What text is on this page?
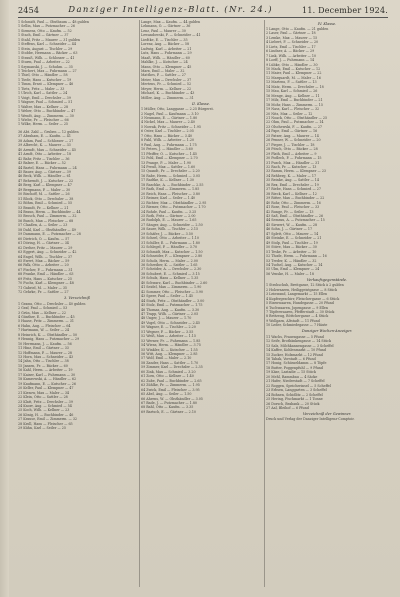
2454	Danziger Intelligenz-Blatt. (Nr. 24.)	11. December 1924.
1 Schmidt, Paul — Obstbaum — 48 gulden
1 Sellin, Max — Putzmacher — 26
1 Siemens, Otto — Kaufm. — 52
1 Stach, Emil — Gärtner — 37
1 Stahl, Fritz — Maurer — 31 gulden
1 Steffens, Karl — Schneider — 44
1 Stein, August — Tischler — 29
1 Stobbe, Hermann — Bäcker — 63
1 Strauß, Wilh. — Schlosser — 41
1 Sturm, Paul — Arbeiter — 22
1 Szymanski, J. — Schuhm. — 35
1 Teichert, Max — Fuhrmann — 27
1 Thiel, Otto — Händler — 58
1 Tiede, Hans — Kutscher — 19
1 Timm, Ernst — Klempner — 46
1 Tietz, Fritz — Maler — 33
1 Ulrich, Karl — Sattler — 24
1 Voigt, Emil — Drechsler — 39
1 Wagner, Paul — Schmied — 51
1 Walter, Max — Kellner — 28
1 Weber, Otto — Buchbinder — 47
1 Wendt, Aug. — Zimmerm. — 30
1 Wiebe, Fr. — Fleischer — 66
1 Wilke, Herm. — Seiler — 25
36 Abt. Zahl — Gruben — 12 gulden
37 Abraham, E. — Kaufm. — 41
38 Adam, Paul — Schlosser — 27
39 Albrecht, K. — Maurer — 33
40 Arendt, Max — Schneider — 45
41 Arndt, Otto — Arbeiter — 18
42 Bahr, Fritz — Tischler — 36
43 Balzer, E. — Bäcker — 52
44 Bartel, Hans — Fuhrmann — 24
45 Bauer, Aug. — Gärtner — 39
46 Beck, Wilh. — Händler — 61
47 Behrendt, J. — Kutscher — 22
48 Berg, Karl — Klempner — 47
49 Bergmann, P. — Maler — 30
50 Bischoff, M. — Sattler — 26
51 Block, Otto — Drechsler — 38
52 Böhm, Emil — Schmied — 55
53 Brandt, Fr. — Kellner — 21
54 Braun, Herm. — Buchbinder — 44
55 Brosch, Paul — Zimmerm. — 32
56 Busch, Max — Fleischer — 68
57 Claaßen, A. — Seiler — 23
58 Dahl, Karl — Obsthändler — 49
59 Dammann, E. — Putzmacher — 28
60 Dietrich, O. — Kaufm. — 57
61 Döring, H. — Gärtner — 34
62 Dreher, Fritz — Maurer — 29
63 Eggert, Aug. — Schneider — 42
64 Engel, Wilh. — Tischler — 37
65 Ewert, Max — Bäcker — 59
66 Falk, Otto — Arbeiter — 20
67 Fischer, P. — Fuhrmann — 31
68 Franke, Emil — Händler — 63
69 Fritz, Hans — Kutscher — 25
70 Fuchs, Karl — Klempner — 48
71 Gabriel, M. — Maler — 35
72 Gehrke, Fr. — Sattler — 27
3. Verzeichniß
1 Grams, Otto — Drechsler — 40 gulden
2 Graf, Paul — Schmied — 53
3 Grün, Max — Kellner — 22
4 Günther, E. — Buchbinder — 45
5 Haase, Fritz — Zimmerm. — 31
6 Hahn, Aug. — Fleischer — 64
7 Hartmann, W. — Seiler — 24
8 Heinrich, K. — Obsthändler — 50
9 Hennig, Hans — Putzmacher — 29
10 Herrmann, J. — Kaufm. — 56
11 Hinz, Emil — Gärtner — 33
12 Hoffmann, P. — Maurer — 28
13 Horn, Max — Schneider — 43
14 Jahn, Otto — Tischler — 38
15 Jansen, Fr. — Bäcker — 60
16 Kahl, Herm. — Arbeiter — 19
17 Kaiser, Karl — Fuhrmann — 30
18 Kamrowski, A. — Händler — 62
19 Kaufmann, E. — Kutscher — 26
20 Keller, Paul — Klempner — 47
21 Kiesow, Max — Maler — 34
22 Klein, Otto — Sattler — 28
23 Klatt, Fritz — Drechsler — 39
24 Knorr, Aug. — Schmied — 54
25 Koch, Wilh. — Kellner — 23
26 König, H. — Buchbinder — 46
27 Krause, Emil — Zimmerm. — 32
28 Kroll, Hans — Fleischer — 65
29 Kühn, Karl — Seiler — 25
Lange, Max — Kaufm. — 44 gulden
Lehmann, O. — Gärtner — 36
Lenz, Paul — Maurer — 30
Lewandowski, F. — Schneider — 41
Liedtke, E. — Tischler — 35
Lorenz, Aug. — Bäcker — 58
Ludwig, Karl — Arbeiter — 21
Lutz, Hans — Fuhrmann — 29
Maaß, Wilh. — Händler — 60
Mahlke, J. — Kutscher — 24
Mann, Otto — Klempner — 45
Marx, Emil — Maler — 32
Matthes, P. — Sattler — 27
Meier, Max — Drechsler — 37
Mertens, Fr. — Schmied — 52
Meyer, Herm. — Kellner — 22
Michael, K. — Buchbinder — 43
Möller, Aug. — Zimmerm. — 31
II. Klasse.
1 Müller, Otto, Langgasse — 2.25 Bürgerst.
2 Nagel, Paul — Kaufmann — 3.10
3 Neumann, E. — Gärtner — 1.80
4 Nickel, Max — Maurer — 2.40
5 Nowak, Fritz — Schneider — 1.95
6 Oster, Karl — Tischler — 2.05
7 Otto, Hans — Bäcker — 3.40
8 Pahl, Wilh. — Arbeiter — 1.20
9 Paul, Aug. — Fuhrmann — 1.75
10 Peters, J. — Händler — 3.60
11 Pfeiffer, O. — Kutscher — 1.45
12 Pohl, Emil — Klempner — 2.70
13 Prange, P. — Maler — 1.90
14 Preuß, Max — Sattler — 1.60
15 Quandt, Fr. — Drechsler — 2.20
16 Rabe, Herm. — Schmied — 3.05
17 Radtke, K. — Kellner — 1.30
18 Raschke, A. — Buchbinder — 2.55
19 Rath, Emil — Zimmerm. — 1.85
20 Reich, Hans — Fleischer — 3.80
21 Reimer, Karl — Seiler — 1.40
22 Richter, Max — Obsthändler — 2.95
23 Riemer, Otto — Putzmacher — 1.70
24 Rohde, Paul — Kaufm. — 3.25
25 Roth, Fritz — Gärtner — 2.00
26 Rudolph, E. — Maurer — 1.65
27 Sänger, Aug. — Schneider — 2.50
28 Sauer, Wilh. — Tischler — 2.15
29 Schäfer, J. — Bäcker — 3.50
30 Scheel, Otto — Arbeiter — 1.10
31 Schiller, E. — Fuhrmann — 1.80
32 Schlegel, P. — Händler — 3.70
33 Schmidt, Max — Kutscher — 1.50
34 Schneider, F. — Klempner — 2.80
35 Scholz, Herm. — Maler — 2.00
36 Schreiber, K. — Sattler — 1.65
37 Schröder, A. — Drechsler — 2.30
38 Schubert, E. — Schmied — 3.15
39 Schulz, Hans — Kellner — 1.35
40 Schwarz, Karl — Buchbinder — 2.60
41 Seidel, Max — Zimmerm. — 1.90
42 Sommer, Otto — Fleischer — 3.90
43 Speer, Paul — Seiler — 1.45
44 Stark, Fritz — Obsthändler — 3.00
45 Stolz, Emil — Putzmacher — 1.75
46 Thomas, Aug. — Kaufm. — 3.30
47 Trapp, Wilh. — Gärtner — 2.05
48 Unger, J. — Maurer — 1.70
49 Vogel, Otto — Schneider — 2.45
50 Wagner, E. — Tischler — 2.20
51 Wegner, P. — Bäcker — 3.55
52 Weiß, Max — Arbeiter — 1.15
53 Werner, Fr. — Fuhrmann — 1.85
54 Wiens, Herm. — Händler — 3.75
55 Winkler, K. — Kutscher — 1.55
56 Witt, Aug. — Klempner — 2.85
57 Wolf, Emil — Maler — 2.10
58 Zander, Hans — Sattler — 1.70
59 Zimmer, Karl — Drechsler — 2.35
60 Zink, Max — Schmied — 3.20
61 Zorn, Otto — Kellner — 1.40
62 Zube, Paul — Buchbinder — 2.65
63 Zühlke, Fr. — Zimmerm. — 1.95
64 Zwick, Emil — Fleischer — 3.95
65 Abel, Aug. — Seiler — 1.50
66 Ahrens, W. — Obsthändler — 3.05
67 Bade, J. — Putzmacher — 1.80
68 Bahl, Otto — Kaufm. — 3.35
69 Bartsch, E. — Gärtner — 2.10
IV. Klasse.
1 Lange, Otto — Kaufm. — 21 gulden
2 Laser, Paul — Gärtner — 18
3 Lemke, Max — Maurer — 15
4 Liebert, F. — Schneider — 20
5 Lietz, Emil — Tischler — 17
6 Lindner, A. — Bäcker — 29
7 Link, Wilh. — Arbeiter — 10
8 Loeff, J. — Fuhrmann — 14
9 Lübke, Otto — Händler — 30
10 Mack, Emil — Kutscher — 12
11 Maier, Paul — Klempner — 22
12 Marquardt, M. — Maler — 16
13 Martens, F. — Sattler — 13
14 Matz, Herm. — Drechsler — 18
15 Mau, Karl — Schmied — 26
16 Menge, Aug. — Kellner — 11
17 Milz, Emil — Buchbinder — 21
18 Mohr, Hans — Zimmerm. — 15
19 Nass, Karl — Fleischer — 32
20 Nitz, Max — Seiler — 12
21 Noack, Otto — Obsthändler — 25
22 Ohm, Paul — Putzmacher — 14
23 Olschewski, F. — Kaufm. — 27
24 Pape, Emil — Gärtner — 16
25 Patzer, Aug. — Maurer — 14
26 Penner, W. — Schneider — 20
27 Pieper, J. — Tischler — 18
28 Pitsch, Otto — Bäcker — 28
29 Plath, Emil — Arbeiter — 9
30 Podlech, P. — Fuhrmann — 15
31 Pusch, Max — Händler — 31
32 Rach, Fr. — Kutscher — 13
33 Ramm, Herm. — Klempner — 23
34 Rehberg, K. — Maler — 17
35 Reinke, Aug. — Sattler — 14
36 Rex, Emil — Drechsler — 19
37 Riebe, Hans — Schmied — 27
38 Rieck, Karl — Kellner — 12
39 Ritter, Max — Buchbinder — 22
40 Rohr, Otto — Zimmerm. — 16
41 Rose, Paul — Fleischer — 33
42 Runge, Fr. — Seiler — 13
43 Saß, Emil — Obsthändler — 26
44 Semrau, A. — Putzmacher — 15
45 Siewert, W. — Kaufm. — 28
46 Sohn, J. — Gärtner — 17
47 Splett, Otto — Maurer — 14
48 Steinke, E. — Schneider — 21
49 Stolp, Paul — Tischler — 19
50 Stüve, Max — Bäcker — 30
51 Teske, Fr. — Arbeiter — 10
52 Thode, Herm. — Fuhrmann — 16
53 Treder, K. — Händler — 32
54 Tuchel, Aug. — Kutscher — 14
55 Ulm, Emil — Klempner — 24
56 Venske, H. — Maler — 18
Verkaufsgegenstände.
1 Strohschuh, Breitgasse, 12 Stück à 2 gulden
2 Holzwaaren, Heiliggeistgasse — 8 Stück
3 Leinwand, Langemarkt — 15 Ellen
4 Kupfergeschirr, Fleischergasse — 6 Stück
5 Eisenwaaren, Hundegasse — 20 Pfund
6 Tuchwaaren, Jopengasse — 9 Ellen
7 Töpferwaaren, Pfefferstadt — 30 Stück
8 Bettzeug, Böttchergasse — 4 Stück
9 Wollgarn, Altstadt — 11 Pfund
10 Leder, Schmiedegasse — 7 Häute
Danziger Wochen-Anzeiger.
11 Wachs, Frauengasse — 5 Pfund
12 Seife, Brotbänkengasse — 14 Stück
13 Salz, Milchkannengasse — 3 Scheffel
14 Kaffee, Kohlenmarkt — 10 Pfund
15 Zucker, Holzmarkt — 12 Pfund
16 Tabak, Vorstadt — 6 Pfund
17 Honig, Schüsseldamm — 8 Töpfe
18 Butter, Poggenpfuhl — 9 Pfund
19 Käse, Lastadie — 15 Stück
20 Mehl, Rammbau — 4 Säcke
21 Hafer, Niederstadt — 7 Scheffel
22 Roggen, Speicherinsel — 5 Scheffel
23 Erbsen, Langgarten — 3 Scheffel
24 Bohnen, Schidlitz — 2 Scheffel
25 Hering, Fischmarkt — 1 Tonne
26 Dorsch, Brabank — 20 Stück
27 Aal, Bleihof — 6 Pfund
Verzeichniß der Gewinner.
Druck und Verlag der Danziger Intelligenz-Comptoir.
